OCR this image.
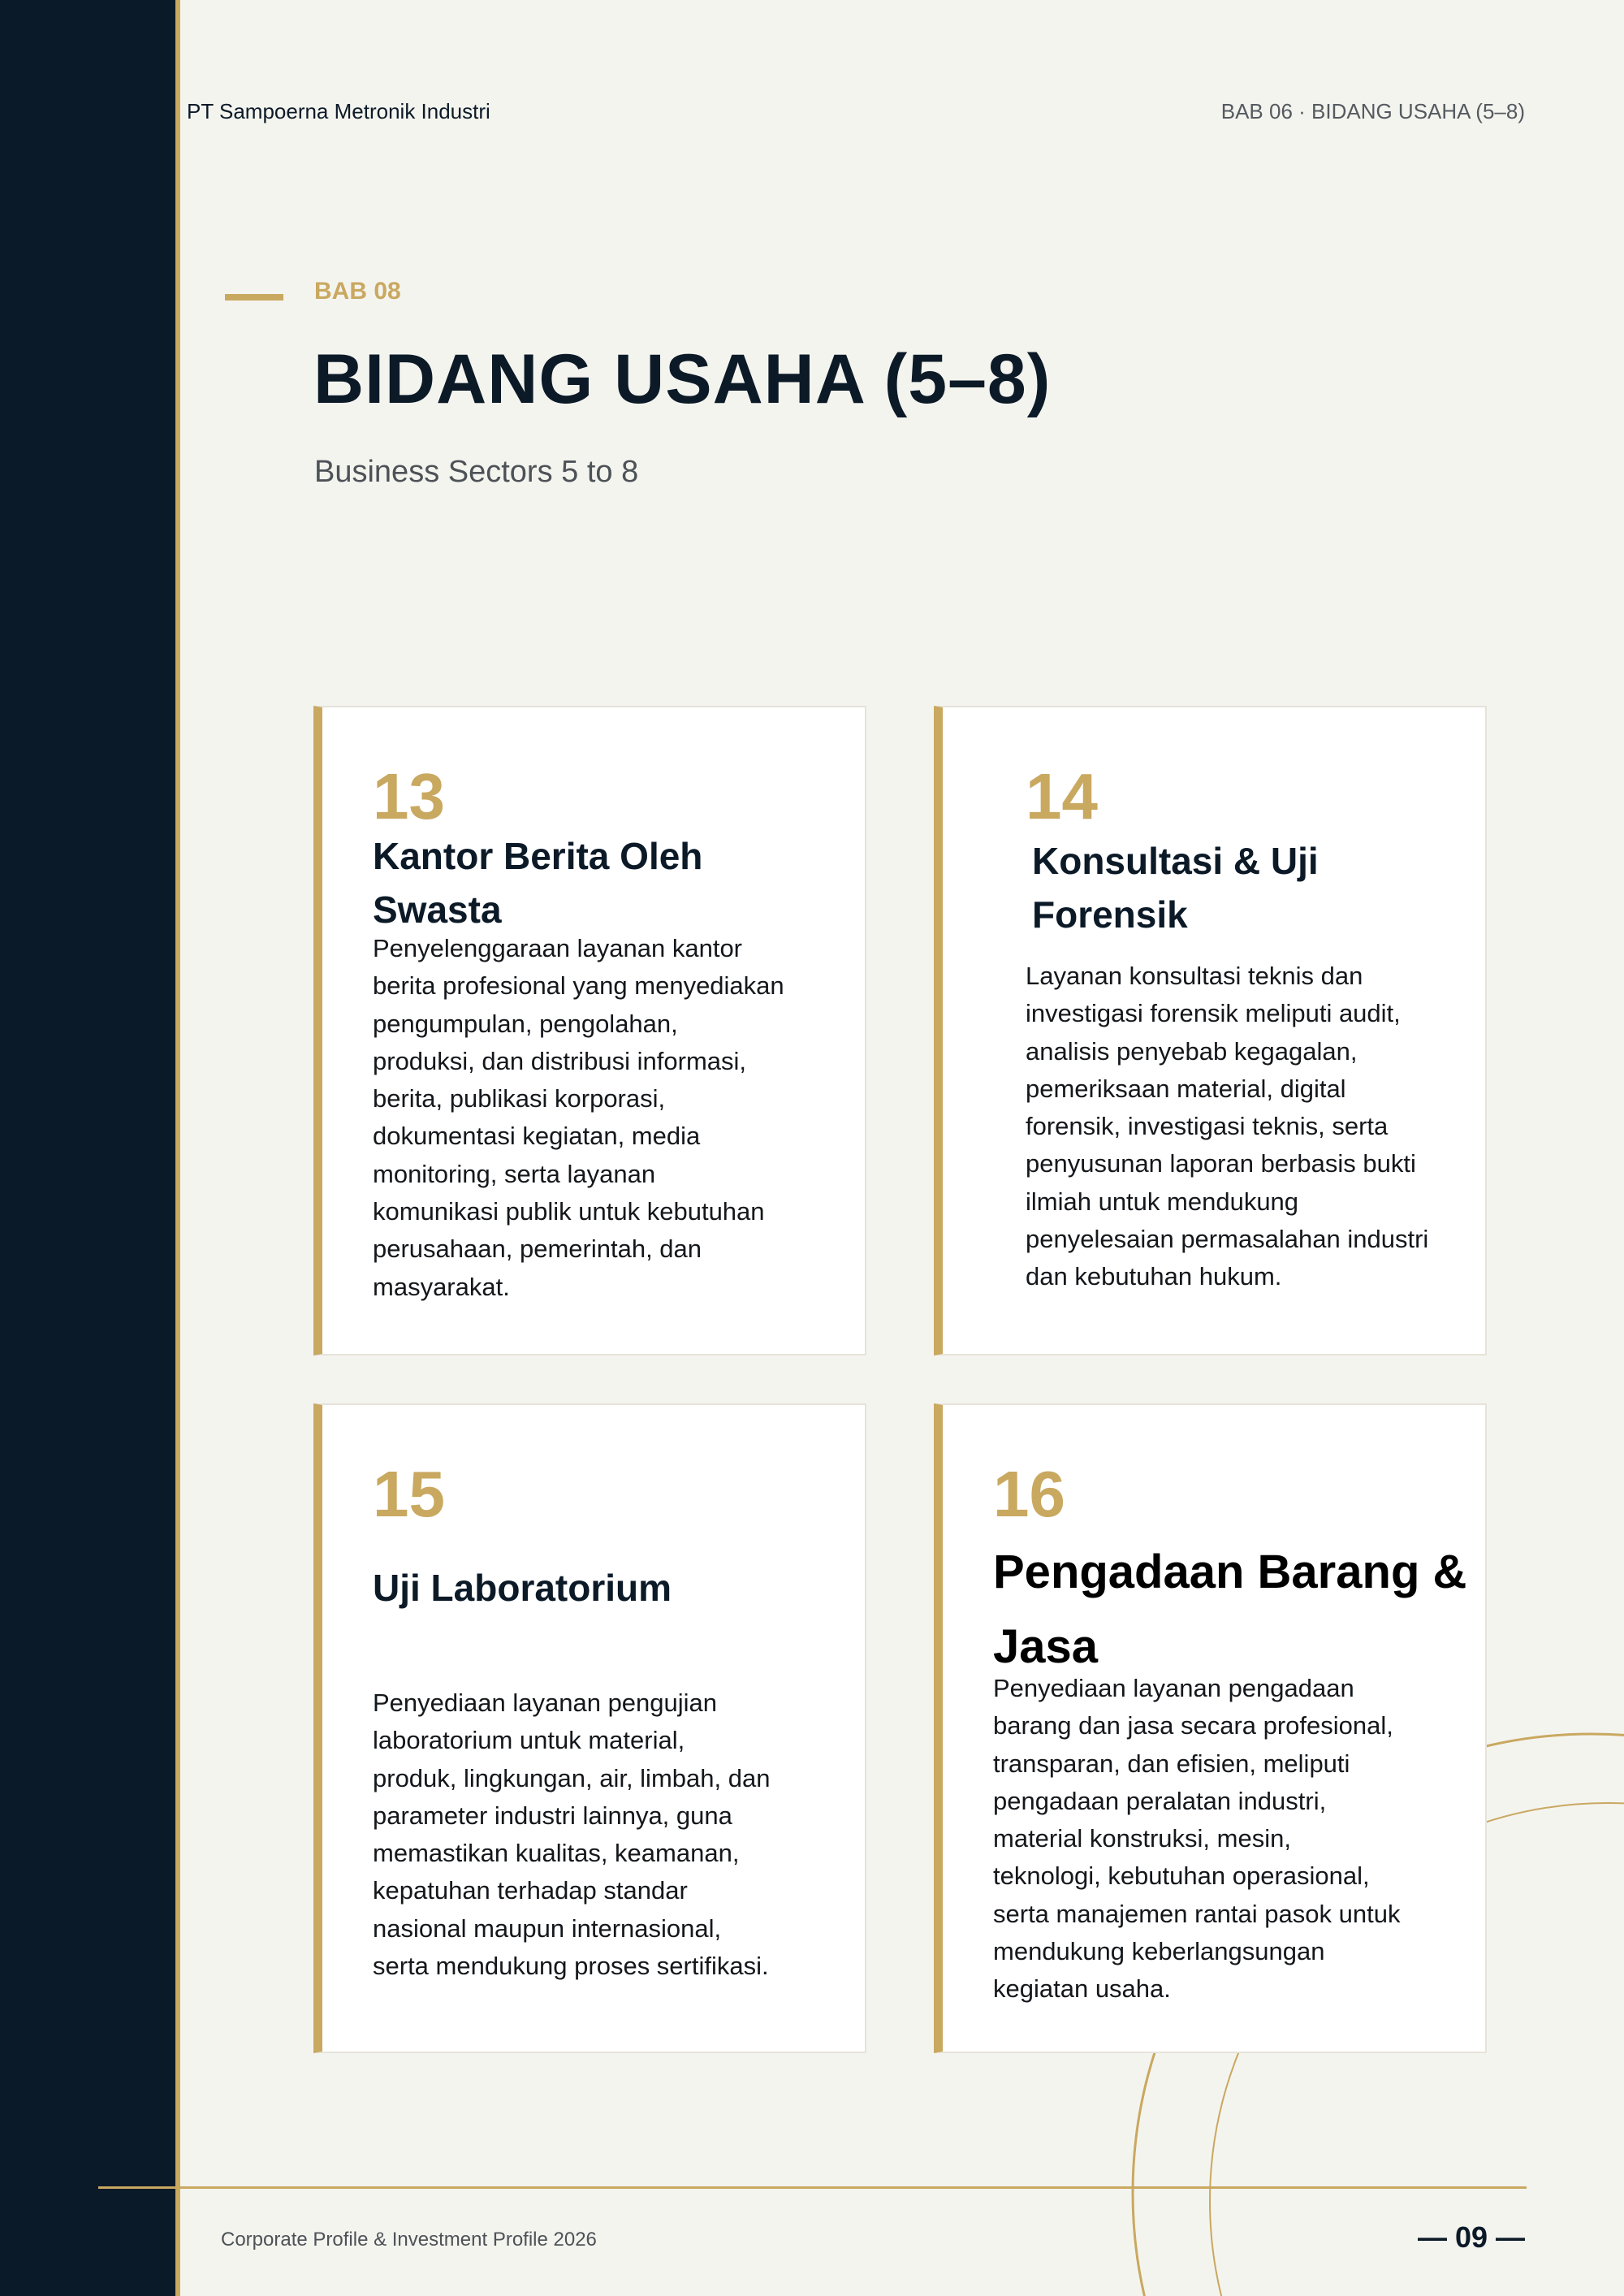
PT Sampoerna Metronik Industri	BAB 06 · BIDANG USAHA (5–8)
BAB 08
BIDANG USAHA (5–8)
Business Sectors 5 to 8
13
Kantor Berita Oleh
Swasta
Penyelenggaraan layanan kantor
berita profesional yang menyediakan
pengumpulan, pengolahan,
produksi, dan distribusi informasi,
berita, publikasi korporasi,
dokumentasi kegiatan, media
monitoring, serta layanan
komunikasi publik untuk kebutuhan
perusahaan, pemerintah, dan
masyarakat.
14
Konsultasi & Uji
Forensik
Layanan konsultasi teknis dan
investigasi forensik meliputi audit,
analisis penyebab kegagalan,
pemeriksaan material, digital
forensik, investigasi teknis, serta
penyusunan laporan berbasis bukti
ilmiah untuk mendukung
penyelesaian permasalahan industri
dan kebutuhan hukum.
15
Uji Laboratorium
Penyediaan layanan pengujian
laboratorium untuk material,
produk, lingkungan, air, limbah, dan
parameter industri lainnya, guna
memastikan kualitas, keamanan,
kepatuhan terhadap standar
nasional maupun internasional,
serta mendukung proses sertifikasi.
16
Pengadaan Barang &
Jasa
Penyediaan layanan pengadaan
barang dan jasa secara profesional,
transparan, dan efisien, meliputi
pengadaan peralatan industri,
material konstruksi, mesin,
teknologi, kebutuhan operasional,
serta manajemen rantai pasok untuk
mendukung keberlangsungan
kegiatan usaha.
Corporate Profile & Investment Profile 2026	— 09 —
